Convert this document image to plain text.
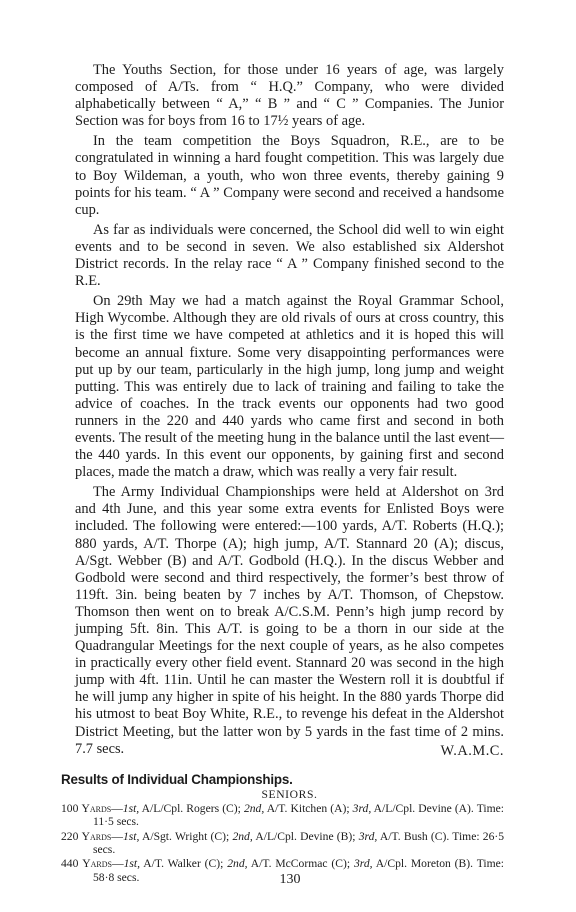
The Youths Section, for those under 16 years of age, was largely composed of A/Ts. from “ H.Q.” Company, who were divided alphabetically between “ A,” “ B ” and “ C ” Companies. The Junior Section was for boys from 16 to 17½ years of age.

In the team competition the Boys Squadron, R.E., are to be congratulated in winning a hard fought competition. This was largely due to Boy Wildeman, a youth, who won three events, thereby gaining 9 points for his team. “ A ” Company were second and received a handsome cup.

As far as individuals were concerned, the School did well to win eight events and to be second in seven. We also established six Aldershot District records. In the relay race “ A ” Company finished second to the R.E.

On 29th May we had a match against the Royal Grammar School, High Wycombe. Although they are old rivals of ours at cross country, this is the first time we have competed at athletics and it is hoped this will become an annual fixture. Some very disappointing performances were put up by our team, particularly in the high jump, long jump and weight putting. This was entirely due to lack of training and failing to take the advice of coaches. In the track events our opponents had two good runners in the 220 and 440 yards who came first and second in both events. The result of the meeting hung in the balance until the last event—the 440 yards. In this event our opponents, by gaining first and second places, made the match a draw, which was really a very fair result.

The Army Individual Championships were held at Aldershot on 3rd and 4th June, and this year some extra events for Enlisted Boys were included. The following were entered:—100 yards, A/T. Roberts (H.Q.); 880 yards, A/T. Thorpe (A); high jump, A/T. Stannard 20 (A); discus, A/Sgt. Webber (B) and A/T. Godbold (H.Q.). In the discus Webber and Godbold were second and third respectively, the former’s best throw of 119ft. 3in. being beaten by 7 inches by A/T. Thomson, of Chepstow. Thomson then went on to break A/C.S.M. Penn’s high jump record by jumping 5ft. 8in. This A/T. is going to be a thorn in our side at the Quadrangular Meetings for the next couple of years, as he also competes in practically every other field event. Stannard 20 was second in the high jump with 4ft. 11in. Until he can master the Western roll it is doubtful if he will jump any higher in spite of his height. In the 880 yards Thorpe did his utmost to beat Boy White, R.E., to revenge his defeat in the Aldershot District Meeting, but the latter won by 5 yards in the fast time of 2 mins. 7.7 secs.	W.A.M.C.

Results of Individual Championships.
SENIORS.
100 Yards—1st, A/L/Cpl. Rogers (C); 2nd, A/T. Kitchen (A); 3rd, A/L/Cpl. Devine (A). Time: 11·5 secs.
220 Yards—1st, A/Sgt. Wright (C); 2nd, A/L/Cpl. Devine (B); 3rd, A/T. Bush (C). Time: 26·5 secs.
440 Yards—1st, A/T. Walker (C); 2nd, A/T. McCormac (C); 3rd, A/Cpl. Moreton (B). Time: 58·8 secs.	130
